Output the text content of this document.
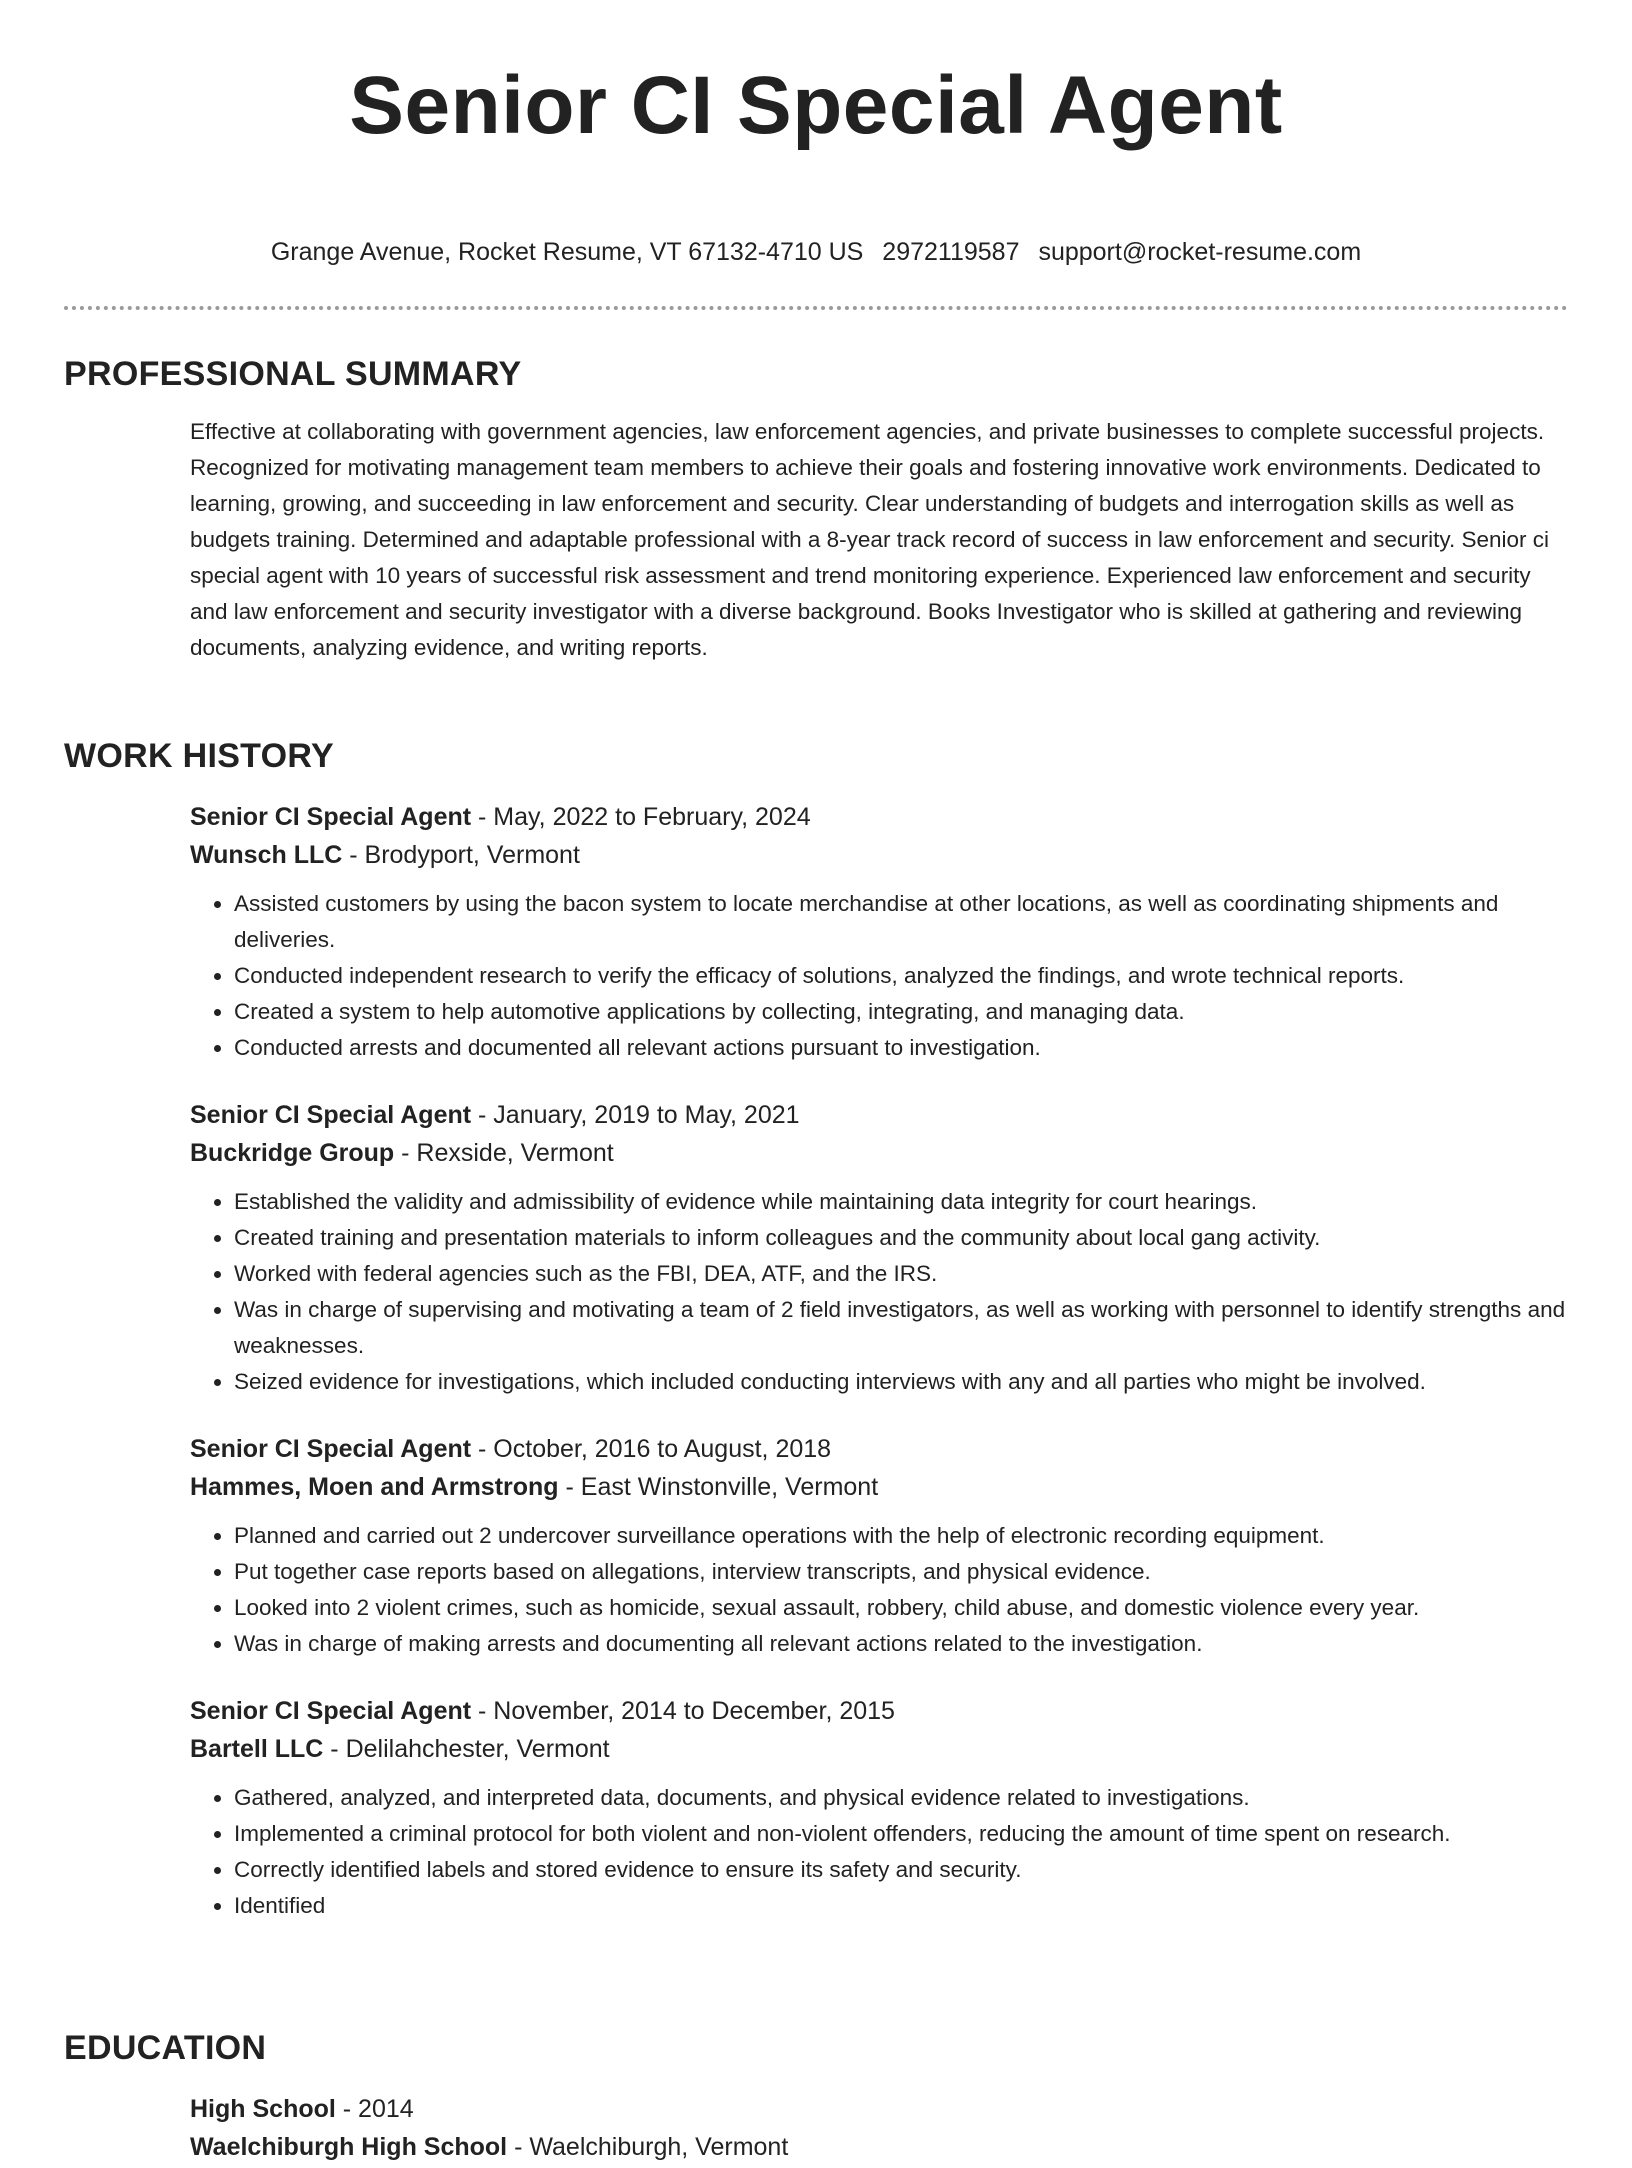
Senior CI Special Agent
Grange Avenue, Rocket Resume, VT 67132-4710 US 2972119587 support@rocket-resume.com
PROFESSIONAL SUMMARY
Effective at collaborating with government agencies, law enforcement agencies, and private businesses to complete successful projects. Recognized for motivating management team members to achieve their goals and fostering innovative work environments. Dedicated to learning, growing, and succeeding in law enforcement and security. Clear understanding of budgets and interrogation skills as well as budgets training. Determined and adaptable professional with a 8-year track record of success in law enforcement and security. Senior ci special agent with 10 years of successful risk assessment and trend monitoring experience. Experienced law enforcement and security and law enforcement and security investigator with a diverse background. Books Investigator who is skilled at gathering and reviewing documents, analyzing evidence, and writing reports.
WORK HISTORY
Senior CI Special Agent - May, 2022 to February, 2024
Wunsch LLC - Brodyport, Vermont
• Assisted customers by using the bacon system to locate merchandise at other locations, as well as coordinating shipments and deliveries.
• Conducted independent research to verify the efficacy of solutions, analyzed the findings, and wrote technical reports.
• Created a system to help automotive applications by collecting, integrating, and managing data.
• Conducted arrests and documented all relevant actions pursuant to investigation.
Senior CI Special Agent - January, 2019 to May, 2021
Buckridge Group - Rexside, Vermont
• Established the validity and admissibility of evidence while maintaining data integrity for court hearings.
• Created training and presentation materials to inform colleagues and the community about local gang activity.
• Worked with federal agencies such as the FBI, DEA, ATF, and the IRS.
• Was in charge of supervising and motivating a team of 2 field investigators, as well as working with personnel to identify strengths and weaknesses.
• Seized evidence for investigations, which included conducting interviews with any and all parties who might be involved.
Senior CI Special Agent - October, 2016 to August, 2018
Hammes, Moen and Armstrong - East Winstonville, Vermont
• Planned and carried out 2 undercover surveillance operations with the help of electronic recording equipment.
• Put together case reports based on allegations, interview transcripts, and physical evidence.
• Looked into 2 violent crimes, such as homicide, sexual assault, robbery, child abuse, and domestic violence every year.
• Was in charge of making arrests and documenting all relevant actions related to the investigation.
Senior CI Special Agent - November, 2014 to December, 2015
Bartell LLC - Delilahchester, Vermont
• Gathered, analyzed, and interpreted data, documents, and physical evidence related to investigations.
• Implemented a criminal protocol for both violent and non-violent offenders, reducing the amount of time spent on research.
• Correctly identified labels and stored evidence to ensure its safety and security.
• Identified
EDUCATION
High School - 2014
Waelchiburgh High School - Waelchiburgh, Vermont
